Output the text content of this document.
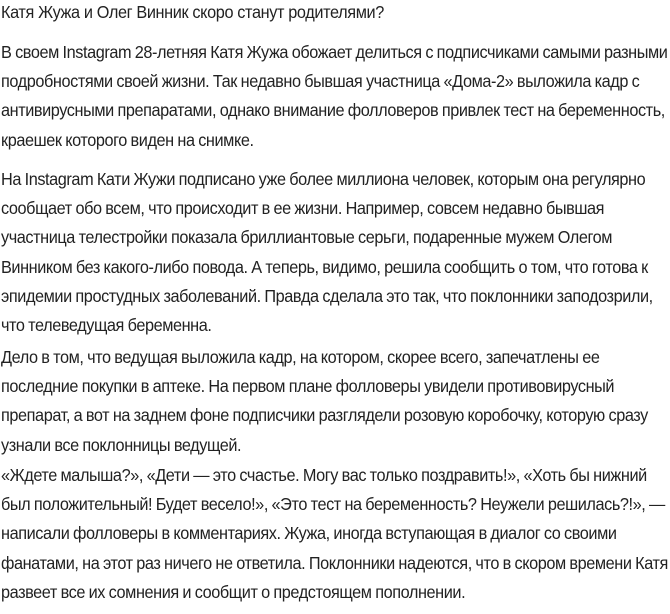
Катя Жужа и Олег Винник скоро станут родителями?

В своем Instagram 28-летняя Катя Жужа обожает делиться с подписчиками самыми разными подробностями своей жизни. Так недавно бывшая участница «Дома-2» выложила кадр с антивирусными препаратами, однако внимание фолловеров привлек тест на беременность, краешек которого виден на снимке.

На Instagram Кати Жужи подписано уже более миллиона человек, которым она регулярно сообщает обо всем, что происходит в ее жизни. Например, совсем недавно бывшая участница телестройки показала бриллиантовые серьги, подаренные мужем Олегом Винником без какого-либо повода. А теперь, видимо, решила сообщить о том, что готова к эпидемии простудных заболеваний. Правда сделала это так, что поклонники заподозрили, что телеведущая беременна.

Дело в том, что ведущая выложила кадр, на котором, скорее всего, запечатлены ее последние покупки в аптеке. На первом плане фолловеры увидели противовирусный препарат, а вот на заднем фоне подписчики разглядели розовую коробочку, которую сразу узнали все поклонницы ведущей.

«Ждете малыша?», «Дети — это счастье. Могу вас только поздравить!», «Хоть бы нижний был положительный! Будет весело!», «Это тест на беременность? Неужели решилась?!», — написали фолловеры в комментариях. Жужа, иногда вступающая в диалог со своими фанатами, на этот раз ничего не ответила. Поклонники надеются, что в скором времени Катя развеет все их сомнения и сообщит о предстоящем пополнении.
